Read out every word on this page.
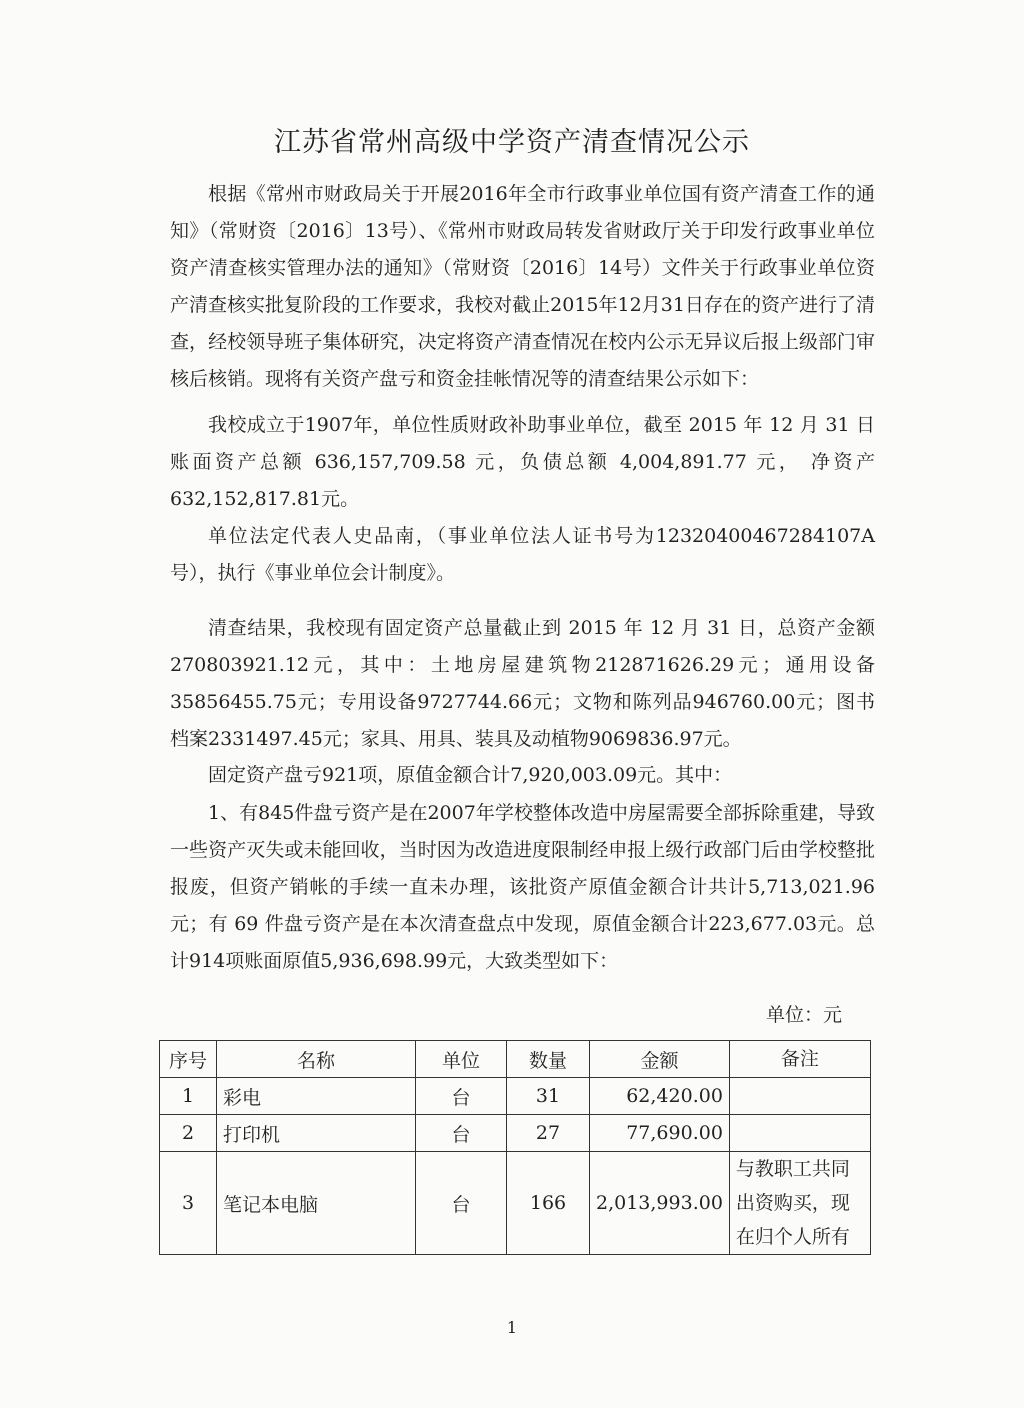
江苏省常州高级中学资产清查情况公示

根据《常州市财政局关于开展2016年全市行政事业单位国有资产清查工作的通知》（常财资〔2016〕13号）、《常州市财政局转发省财政厅关于印发行政事业单位资产清查核实管理办法的通知》（常财资〔2016〕14号）文件关于行政事业单位资产清查核实批复阶段的工作要求，我校对截止2015年12月31日存在的资产进行了清查，经校领导班子集体研究，决定将资产清查情况在校内公示无异议后报上级部门审核后核销。现将有关资产盘亏和资金挂帐情况等的清查结果公示如下：

我校成立于1907年，单位性质财政补助事业单位，截至 2015 年 12 月 31 日账面资产总额 636,157,709.58 元，负债总额 4,004,891.77 元， 净资产632,152,817.81元。

单位法定代表人史品南，（事业单位法人证书号为12320400467284107A号），执行《事业单位会计制度》。

清查结果，我校现有固定资产总量截止到 2015 年 12 月 31 日，总资产金额270803921.12元，其中：土地房屋建筑物212871626.29元；通用设备35856455.75元；专用设备9727744.66元；文物和陈列品946760.00元；图书档案2331497.45元；家具、用具、装具及动植物9069836.97元。

固定资产盘亏921项，原值金额合计7,920,003.09元。其中：

1、有845件盘亏资产是在2007年学校整体改造中房屋需要全部拆除重建，导致一些资产灭失或未能回收，当时因为改造进度限制经申报上级行政部门后由学校整批报废，但资产销帐的手续一直未办理，该批资产原值金额合计共计5,713,021.96 元；有 69 件盘亏资产是在本次清查盘点中发现，原值金额合计223,677.03元。总计914项账面原值5,936,698.99元，大致类型如下：

单位：元
序号	名称	单位	数量	金额	备注
1	彩电	台	31	62,420.00	
2	打印机	台	27	77,690.00	
3	笔记本电脑	台	166	2,013,993.00	与教职工共同出资购买，现在归个人所有
1
